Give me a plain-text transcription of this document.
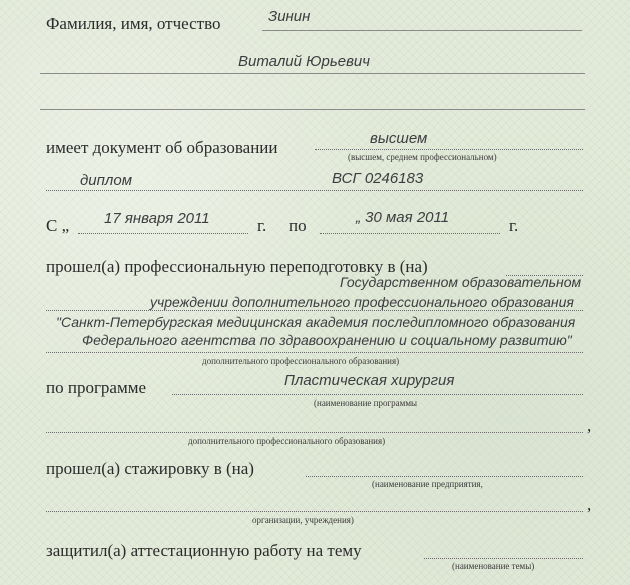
Фамилия, имя, отчество	Зинин
Виталий Юрьевич
имеет документ об образовании	высшем
(высшем, среднем профессиональном)
диплом	ВСГ 0246183
С „ 17 января 2011	г. по	„ 30 мая 2011	г.
прошел(а) профессиональную переподготовку в (на)
Государственном образовательном
учреждении дополнительного профессионального образования
"Санкт-Петербургская медицинская академия последипломного образования
Федерального агентства по здравоохранению и социальному развитию"
дополнительного профессионального образования)
по программе	Пластическая хирургия
(наименование программы
,
дополнительного профессионального образования)
прошел(а) стажировку в (на)
(наименование предприятия,
,
организации, учреждения)
защитил(а) аттестационную работу на тему
(наименование темы)
